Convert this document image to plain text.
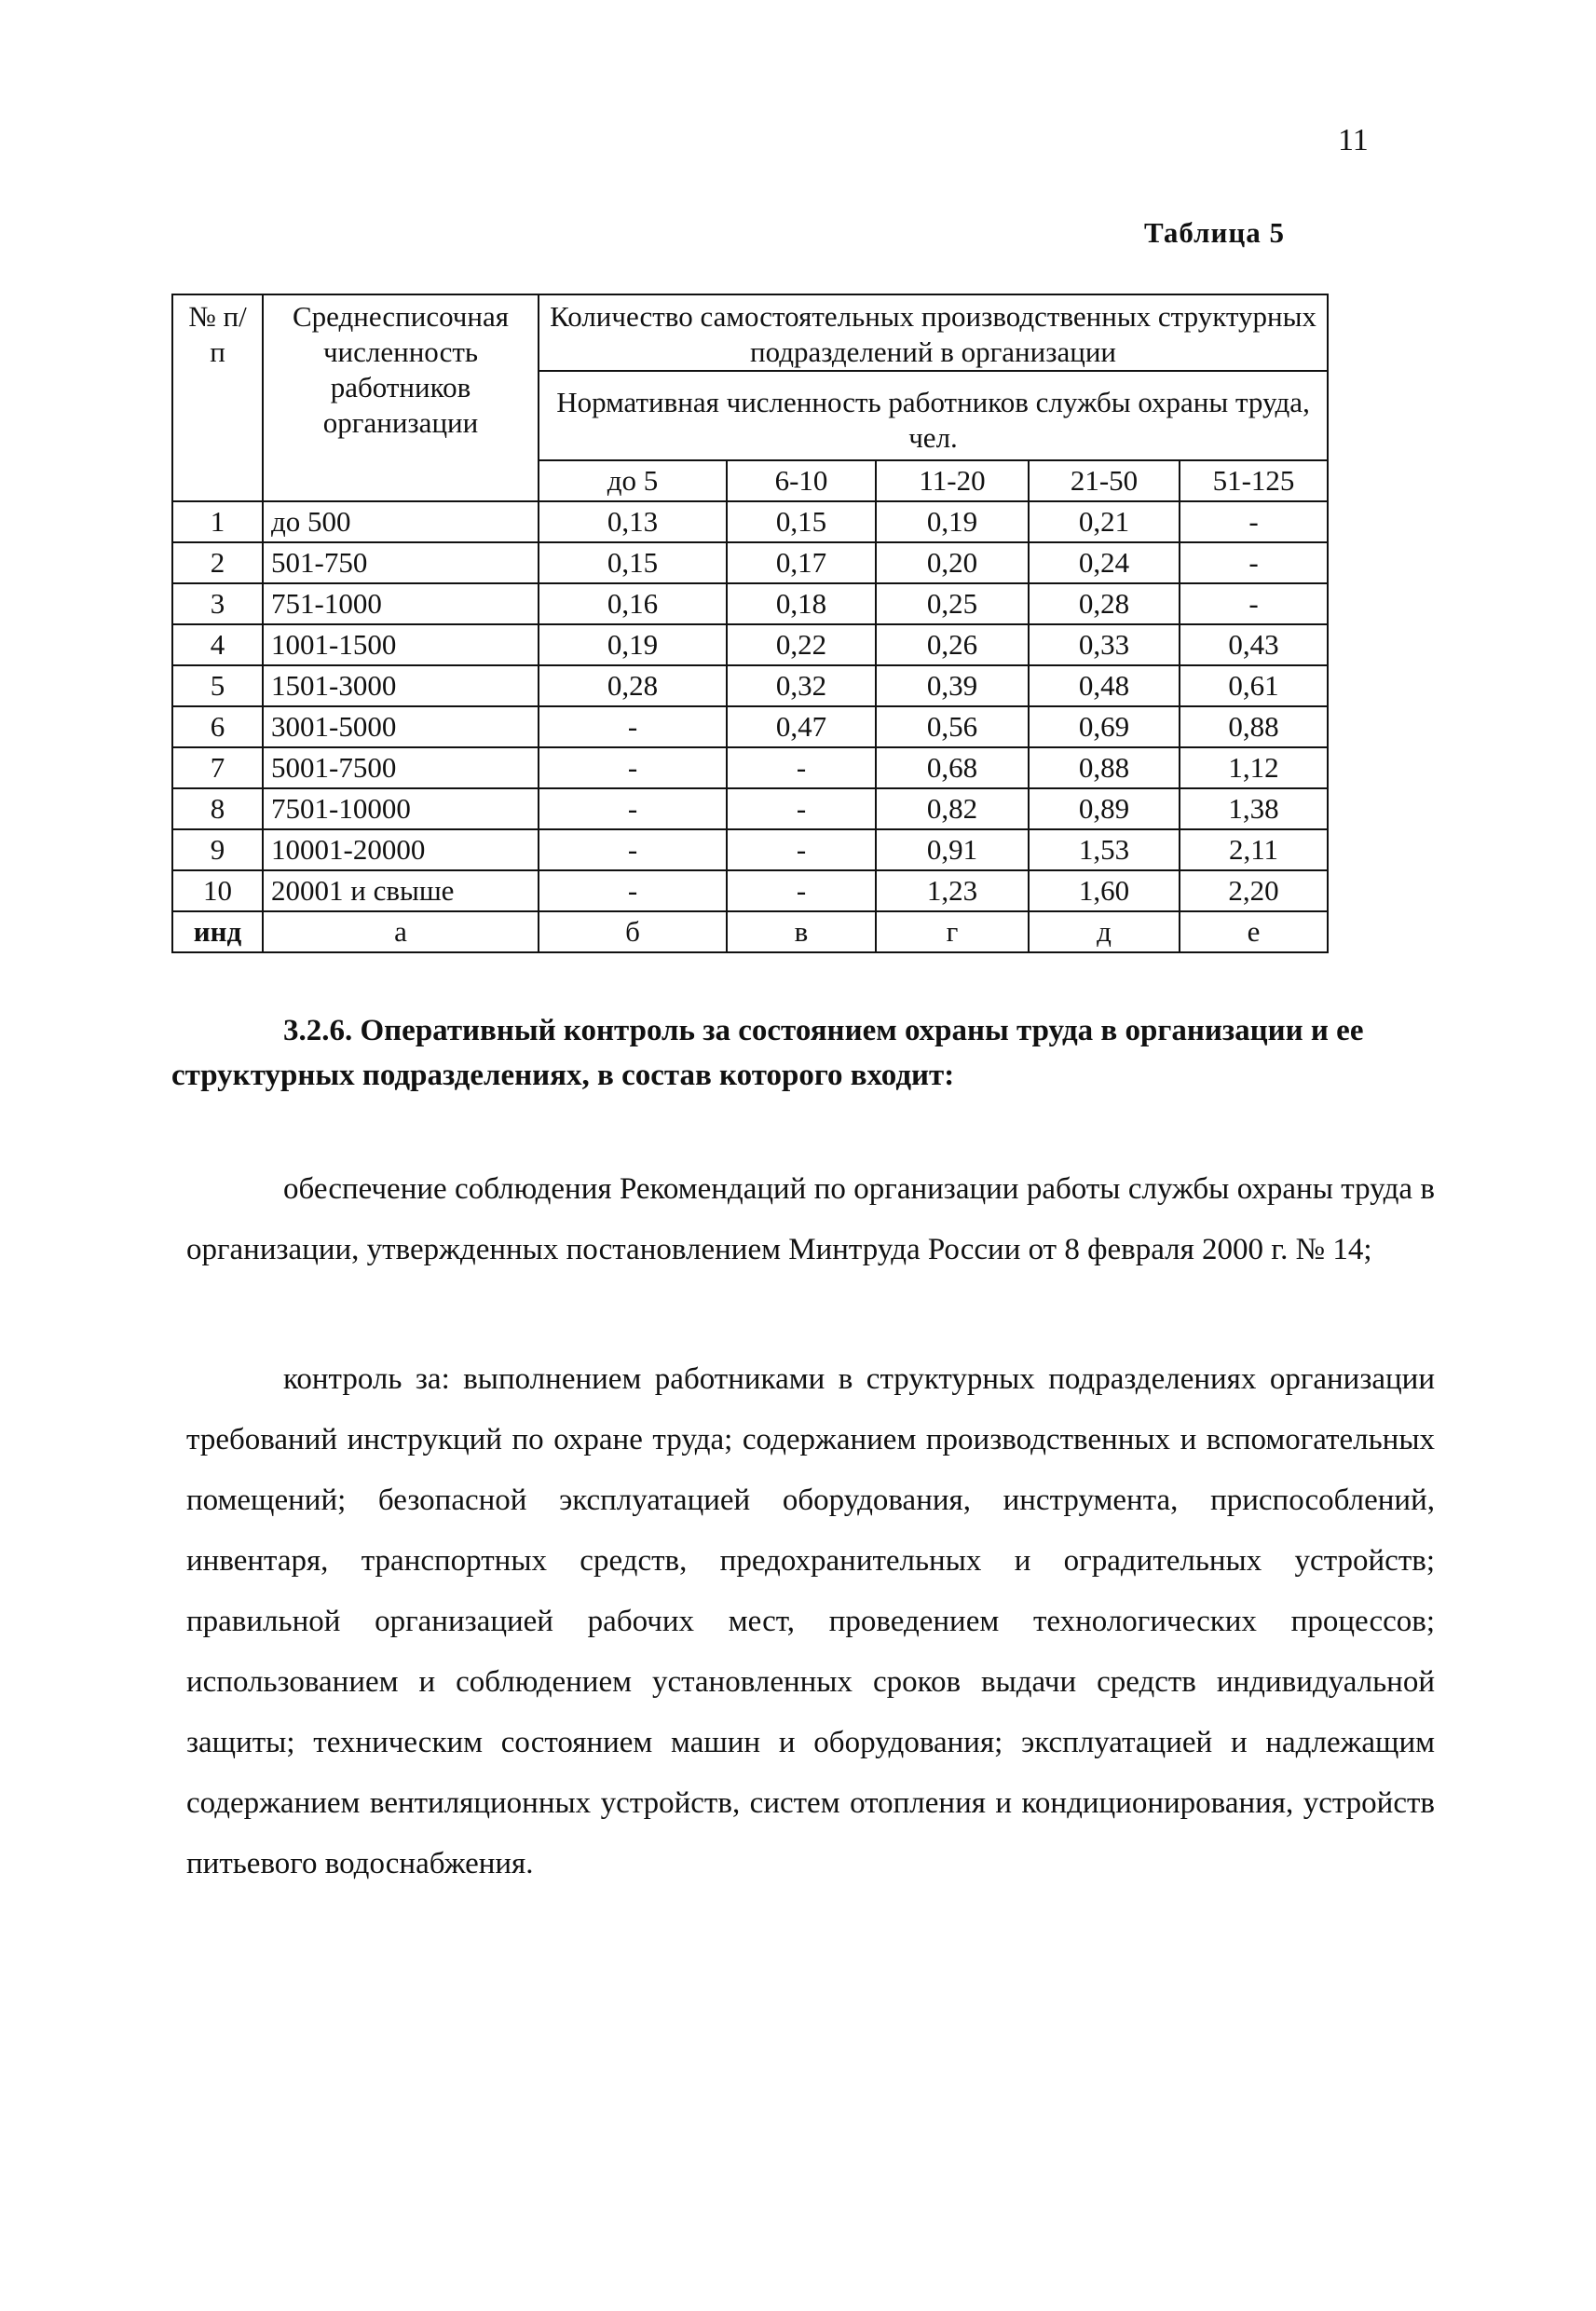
11
Таблица 5
№ п/п	Среднесписочная численность работников организации	Количество самостоятельных производственных структурных подразделений в организации				
		Нормативная численность работников службы охраны труда, чел.				
		до 5	6-10	11-20	21-50	51-125
1	до 500	0,13	0,15	0,19	0,21	-
2	501-750	0,15	0,17	0,20	0,24	-
3	751-1000	0,16	0,18	0,25	0,28	-
4	1001-1500	0,19	0,22	0,26	0,33	0,43
5	1501-3000	0,28	0,32	0,39	0,48	0,61
6	3001-5000	-	0,47	0,56	0,69	0,88
7	5001-7500	-	-	0,68	0,88	1,12
8	7501-10000	-	-	0,82	0,89	1,38
9	10001-20000	-	-	0,91	1,53	2,11
10	20001 и свыше	-	-	1,23	1,60	2,20
инд	а	б	в	г	д	е
3.2.6. Оперативный контроль за состоянием охраны труда в организации и ее структурных подразделениях, в состав которого входит:
обеспечение соблюдения Рекомендаций по организации работы службы охраны труда в организации, утвержденных постановлением Минтруда России от 8 февраля 2000 г. № 14;
контроль за: выполнением работниками в структурных подразделениях организации требований инструкций по охране труда; содержанием производственных и вспомогательных помещений; безопасной эксплуатацией оборудования, инструмента, приспособлений, инвентаря, транспортных средств, предохранительных и оградительных устройств; правильной организацией рабочих мест, проведением технологических процессов; использованием и соблюдением установленных сроков выдачи средств индивидуальной защиты; техническим состоянием машин и оборудования; эксплуатацией и надлежащим содержанием вентиляционных устройств, систем отопления и кондиционирования, устройств питьевого водоснабжения.
